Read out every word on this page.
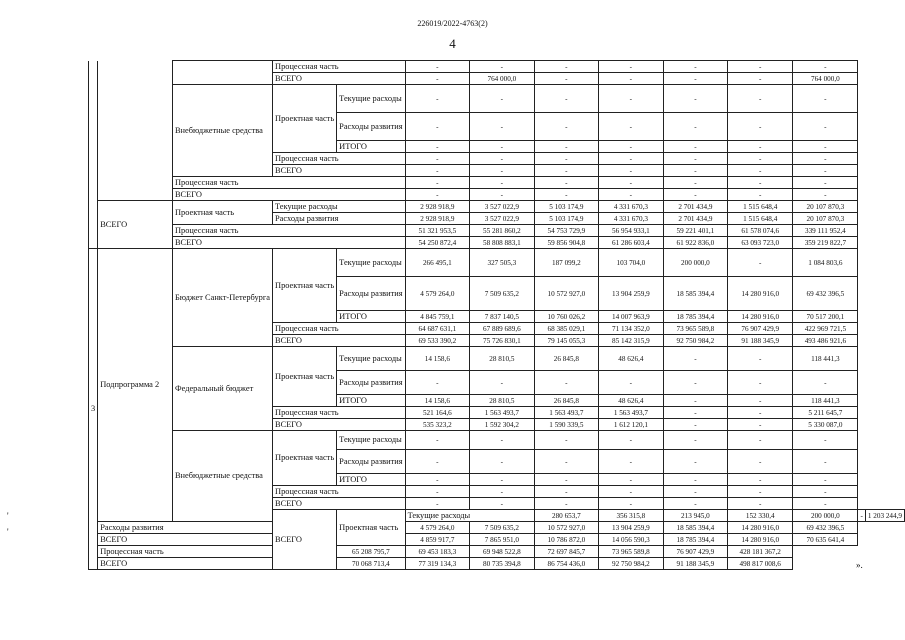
226019/2022-4763(2)
4
'
'
			Процессная часть		-	-	-	-	-	-	-		
			ВСЕГО		-	764 000,0	-	-	-	-	764 000,0		
		Внебюджетные средства	Проектная часть	Текущие расходы	-	-	-	-	-	-	-		
				Расходы развития	-	-	-	-	-	-	-		
				ИТОГО	-	-	-	-	-	-	-		
			Процессная часть		-	-	-	-	-	-	-		
			ВСЕГО		-	-	-	-	-	-	-		
		Процессная часть			-	-	-	-	-	-	-		
		ВСЕГО			-	-	-	-	-	-	-		
	ВСЕГО	Проектная часть	Текущие расходы		2 928 918,9	3 527 022,9	5 103 174,9	4 331 670,3	2 701 434,9	1 515 648,4	20 107 870,3		
			Расходы развития		2 928 918,9	3 527 022,9	5 103 174,9	4 331 670,3	2 701 434,9	1 515 648,4	20 107 870,3		
		Процессная часть			51 321 953,5	55 281 860,2	54 753 729,9	56 954 933,1	59 221 401,1	61 578 074,6	339 111 952,4		
		ВСЕГО			54 250 872,4	58 808 883,1	59 856 904,8	61 286 603,4	61 922 836,0	63 093 723,0	359 219 822,7		
3	Подпрограмма 2	Бюджет Санкт-Петербурга	Проектная часть	Текущие расходы	266 495,1	327 505,3	187 099,2	103 704,0	200 000,0	-	1 084 803,6		
				Расходы развития	4 579 264,0	7 509 635,2	10 572 927,0	13 904 259,9	18 585 394,4	14 280 916,0	69 432 396,5		
				ИТОГО	4 845 759,1	7 837 140,5	10 760 026,2	14 007 963,9	18 785 394,4	14 280 916,0	70 517 200,1		
			Процессная часть		64 687 631,1	67 889 689,6	68 385 029,1	71 134 352,0	73 965 589,8	76 907 429,9	422 969 721,5		
			ВСЕГО		69 533 390,2	75 726 830,1	79 145 055,3	85 142 315,9	92 750 984,2	91 188 345,9	493 486 921,6		
		Федеральный бюджет	Проектная часть	Текущие расходы	14 158,6	28 810,5	26 845,8	48 626,4	-	-	118 441,3		
				Расходы развития	-	-	-	-	-	-	-		
				ИТОГО	14 158,6	28 810,5	26 845,8	48 626,4	-	-	118 441,3		
			Процессная часть		521 164,6	1 563 493,7	1 563 493,7	1 563 493,7	-	-	5 211 645,7		
			ВСЕГО		535 323,2	1 592 304,2	1 590 339,5	1 612 120,1	-	-	5 330 087,0		
		Внебюджетные средства	Проектная часть	Текущие расходы	-	-	-	-	-	-	-		
				Расходы развития	-	-	-	-	-	-	-		
				ИТОГО	-	-	-	-	-	-	-		
			Процессная часть		-	-	-	-	-	-	-		
			ВСЕГО		-	-	-	-	-	-	-		
			ВСЕГО	Проектная часть	Текущие расходы		280 653,7	356 315,8	213 945,0	152 330,4	200 000,0	-	1 203 244,9
	Расходы развития				4 579 264,0	7 509 635,2	10 572 927,0	13 904 259,9	18 585 394,4	14 280 916,0	69 432 396,5		
	ВСЕГО				4 859 917,7	7 865 951,0	10 786 872,0	14 056 590,3	18 785 394,4	14 280 916,0	70 635 641,4		
	Процессная часть			65 208 795,7	69 453 183,3	69 948 522,8	72 697 845,7	73 965 589,8	76 907 429,9	428 181 367,2			
	ВСЕГО			70 068 713,4	77 319 134,3	80 735 394,8	86 754 436,0	92 750 984,2	91 188 345,9	498 817 008,6				».
